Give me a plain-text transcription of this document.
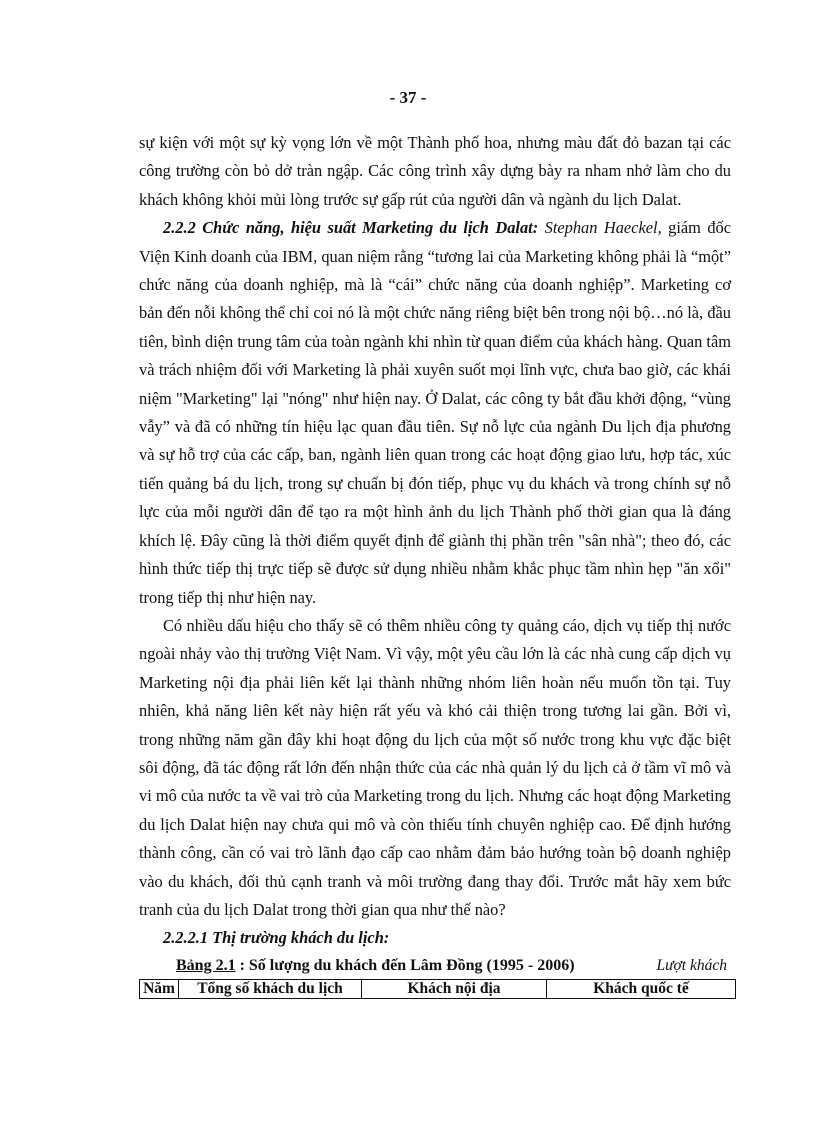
- 37 -

sự kiện với một sự kỳ vọng lớn về một Thành phố hoa, nhưng màu đất đỏ bazan tại các công trường còn bỏ dở tràn ngập. Các công trình xây dựng bày ra nham nhở làm cho du khách không khỏi mủi lòng trước sự gấp rút của người dân và ngành du lịch Dalat.

2.2.2 Chức năng, hiệu suất Marketing du lịch Dalat: Stephan Haeckel, giám đốc Viện Kinh doanh của IBM, quan niệm rằng “tương lai của Marketing không phải là “một” chức năng của doanh nghiệp, mà là “cái” chức năng của doanh nghiệp”. Marketing cơ bản đến nỗi không thể chỉ coi nó là một chức năng riêng biệt bên trong nội bộ…nó là, đầu tiên, bình diện trung tâm của toàn ngành khi nhìn từ quan điểm của khách hàng. Quan tâm và trách nhiệm đối với Marketing là phải xuyên suốt mọi lĩnh vực, chưa bao giờ, các khái niệm "Marketing" lại "nóng" như hiện nay. Ở Dalat, các công ty bắt đầu khởi động, “vùng vẫy” và đã có những tín hiệu lạc quan đầu tiên. Sự nỗ lực của ngành Du lịch địa phương và sự hỗ trợ của các cấp, ban, ngành liên quan trong các hoạt động giao lưu, hợp tác, xúc tiến quảng bá du lịch, trong sự chuẩn bị đón tiếp, phục vụ du khách và trong chính sự nỗ lực của mỗi người dân để tạo ra một hình ảnh du lịch Thành phố thời gian qua là đáng khích lệ. Đây cũng là thời điểm quyết định để giành thị phần trên "sân nhà"; theo đó, các hình thức tiếp thị trực tiếp sẽ được sử dụng nhiều nhằm khắc phục tầm nhìn hẹp "ăn xổi" trong tiếp thị như hiện nay.

Có nhiều dấu hiệu cho thấy sẽ có thêm nhiều công ty quảng cáo, dịch vụ tiếp thị nước ngoài nhảy vào thị trường Việt Nam. Vì vậy, một yêu cầu lớn là các nhà cung cấp dịch vụ Marketing nội địa phải liên kết lại thành những nhóm liên hoàn nếu muốn tồn tại. Tuy nhiên, khả năng liên kết này hiện rất yếu và khó cải thiện trong tương lai gần. Bởi vì, trong những năm gần đây khi hoạt động du lịch của một số nước trong khu vực đặc biệt sôi động, đã tác động rất lớn đến nhận thức của các nhà quản lý du lịch cả ở tầm vĩ mô và vi mô của nước ta về vai trò của Marketing trong du lịch. Nhưng các hoạt động Marketing du lịch Dalat hiện nay chưa qui mô và còn thiếu tính chuyên nghiệp cao. Để định hướng thành công, cần có vai trò lãnh đạo cấp cao nhằm đảm bảo hướng toàn bộ doanh nghiệp vào du khách, đối thủ cạnh tranh và môi trường đang thay đổi. Trước mắt hãy xem bức tranh của du lịch Dalat trong thời gian qua như thế nào?

2.2.2.1 Thị trường khách du lịch:

Bảng 2.1 : Số lượng du khách đến Lâm Đồng (1995 - 2006)	Lượt khách
Năm	Tổng số khách du lịch	Khách nội địa	Khách quốc tế
